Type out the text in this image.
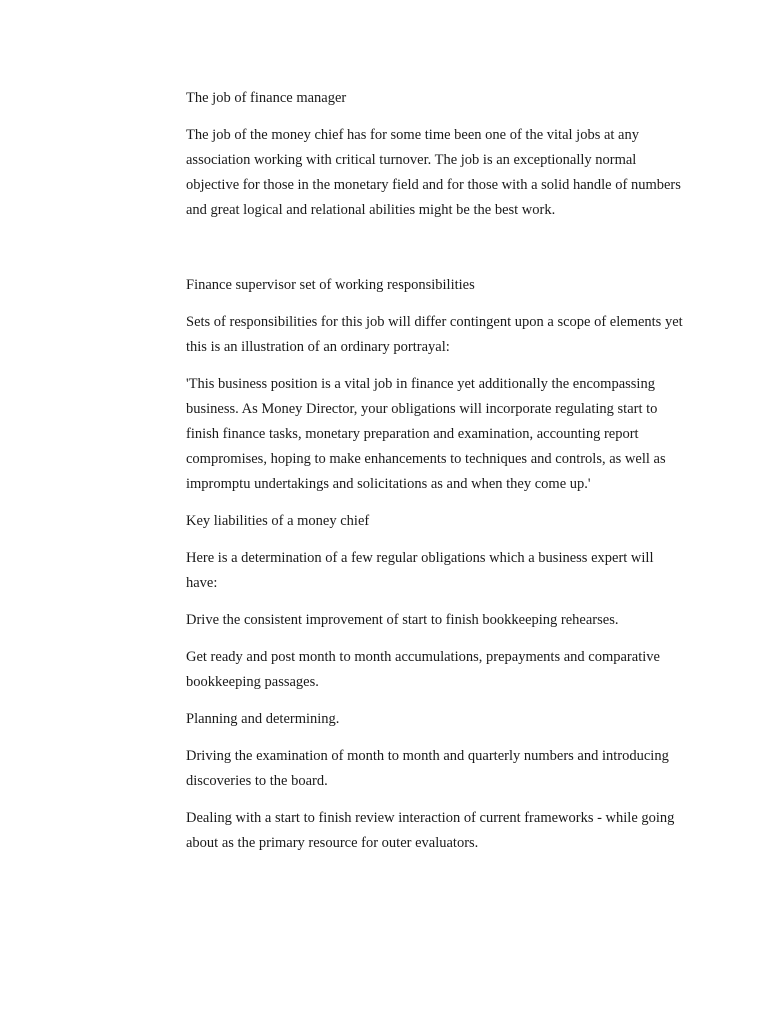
The job of finance manager

The job of the money chief has for some time been one of the vital jobs at any association working with critical turnover. The job is an exceptionally normal objective for those in the monetary field and for those with a solid handle of numbers and great logical and relational abilities might be the best work.

Finance supervisor set of working responsibilities

Sets of responsibilities for this job will differ contingent upon a scope of elements yet this is an illustration of an ordinary portrayal:

'This business position is a vital job in finance yet additionally the encompassing business. As Money Director, your obligations will incorporate regulating start to finish finance tasks, monetary preparation and examination, accounting report compromises, hoping to make enhancements to techniques and controls, as well as impromptu undertakings and solicitations as and when they come up.'

Key liabilities of a money chief

Here is a determination of a few regular obligations which a business expert will have:

Drive the consistent improvement of start to finish bookkeeping rehearses.

Get ready and post month to month accumulations, prepayments and comparative bookkeeping passages.

Planning and determining.

Driving the examination of month to month and quarterly numbers and introducing discoveries to the board.

Dealing with a start to finish review interaction of current frameworks - while going about as the primary resource for outer evaluators.
